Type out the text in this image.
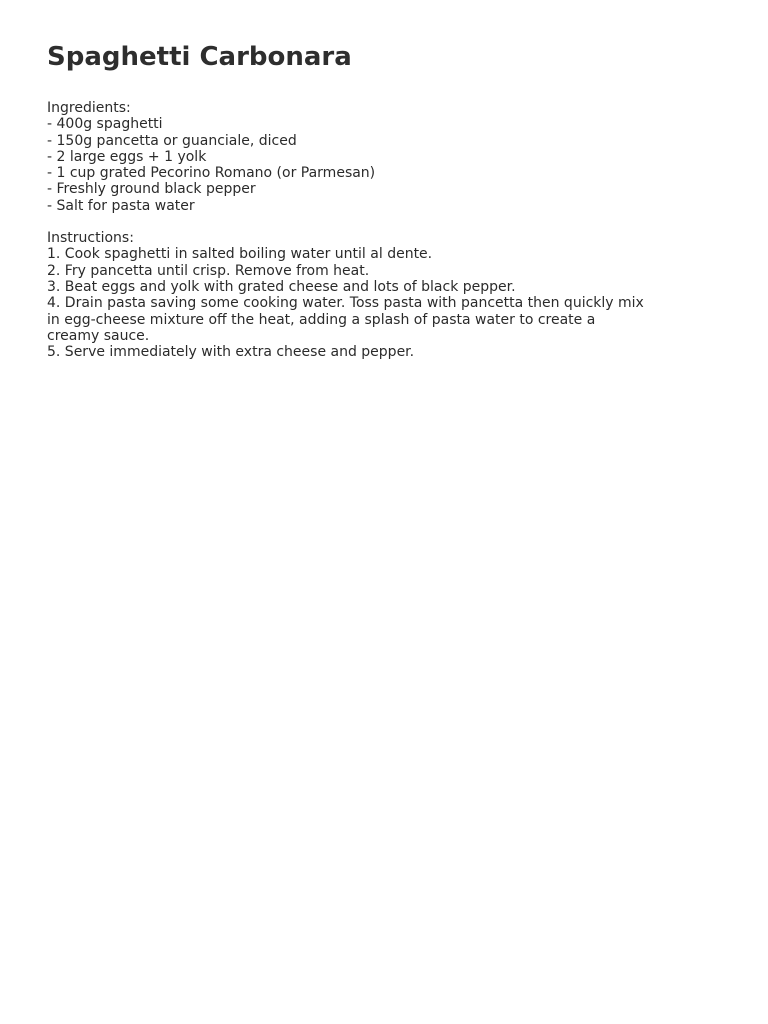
Spaghetti Carbonara
Ingredients:
- 400g spaghetti
- 150g pancetta or guanciale, diced
- 2 large eggs + 1 yolk
- 1 cup grated Pecorino Romano (or Parmesan)
- Freshly ground black pepper
- Salt for pasta water
Instructions:
1. Cook spaghetti in salted boiling water until al dente.
2. Fry pancetta until crisp. Remove from heat.
3. Beat eggs and yolk with grated cheese and lots of black pepper.
4. Drain pasta saving some cooking water. Toss pasta with pancetta then quickly mix in egg-cheese mixture off the heat, adding a splash of pasta water to create a creamy sauce.
5. Serve immediately with extra cheese and pepper.
